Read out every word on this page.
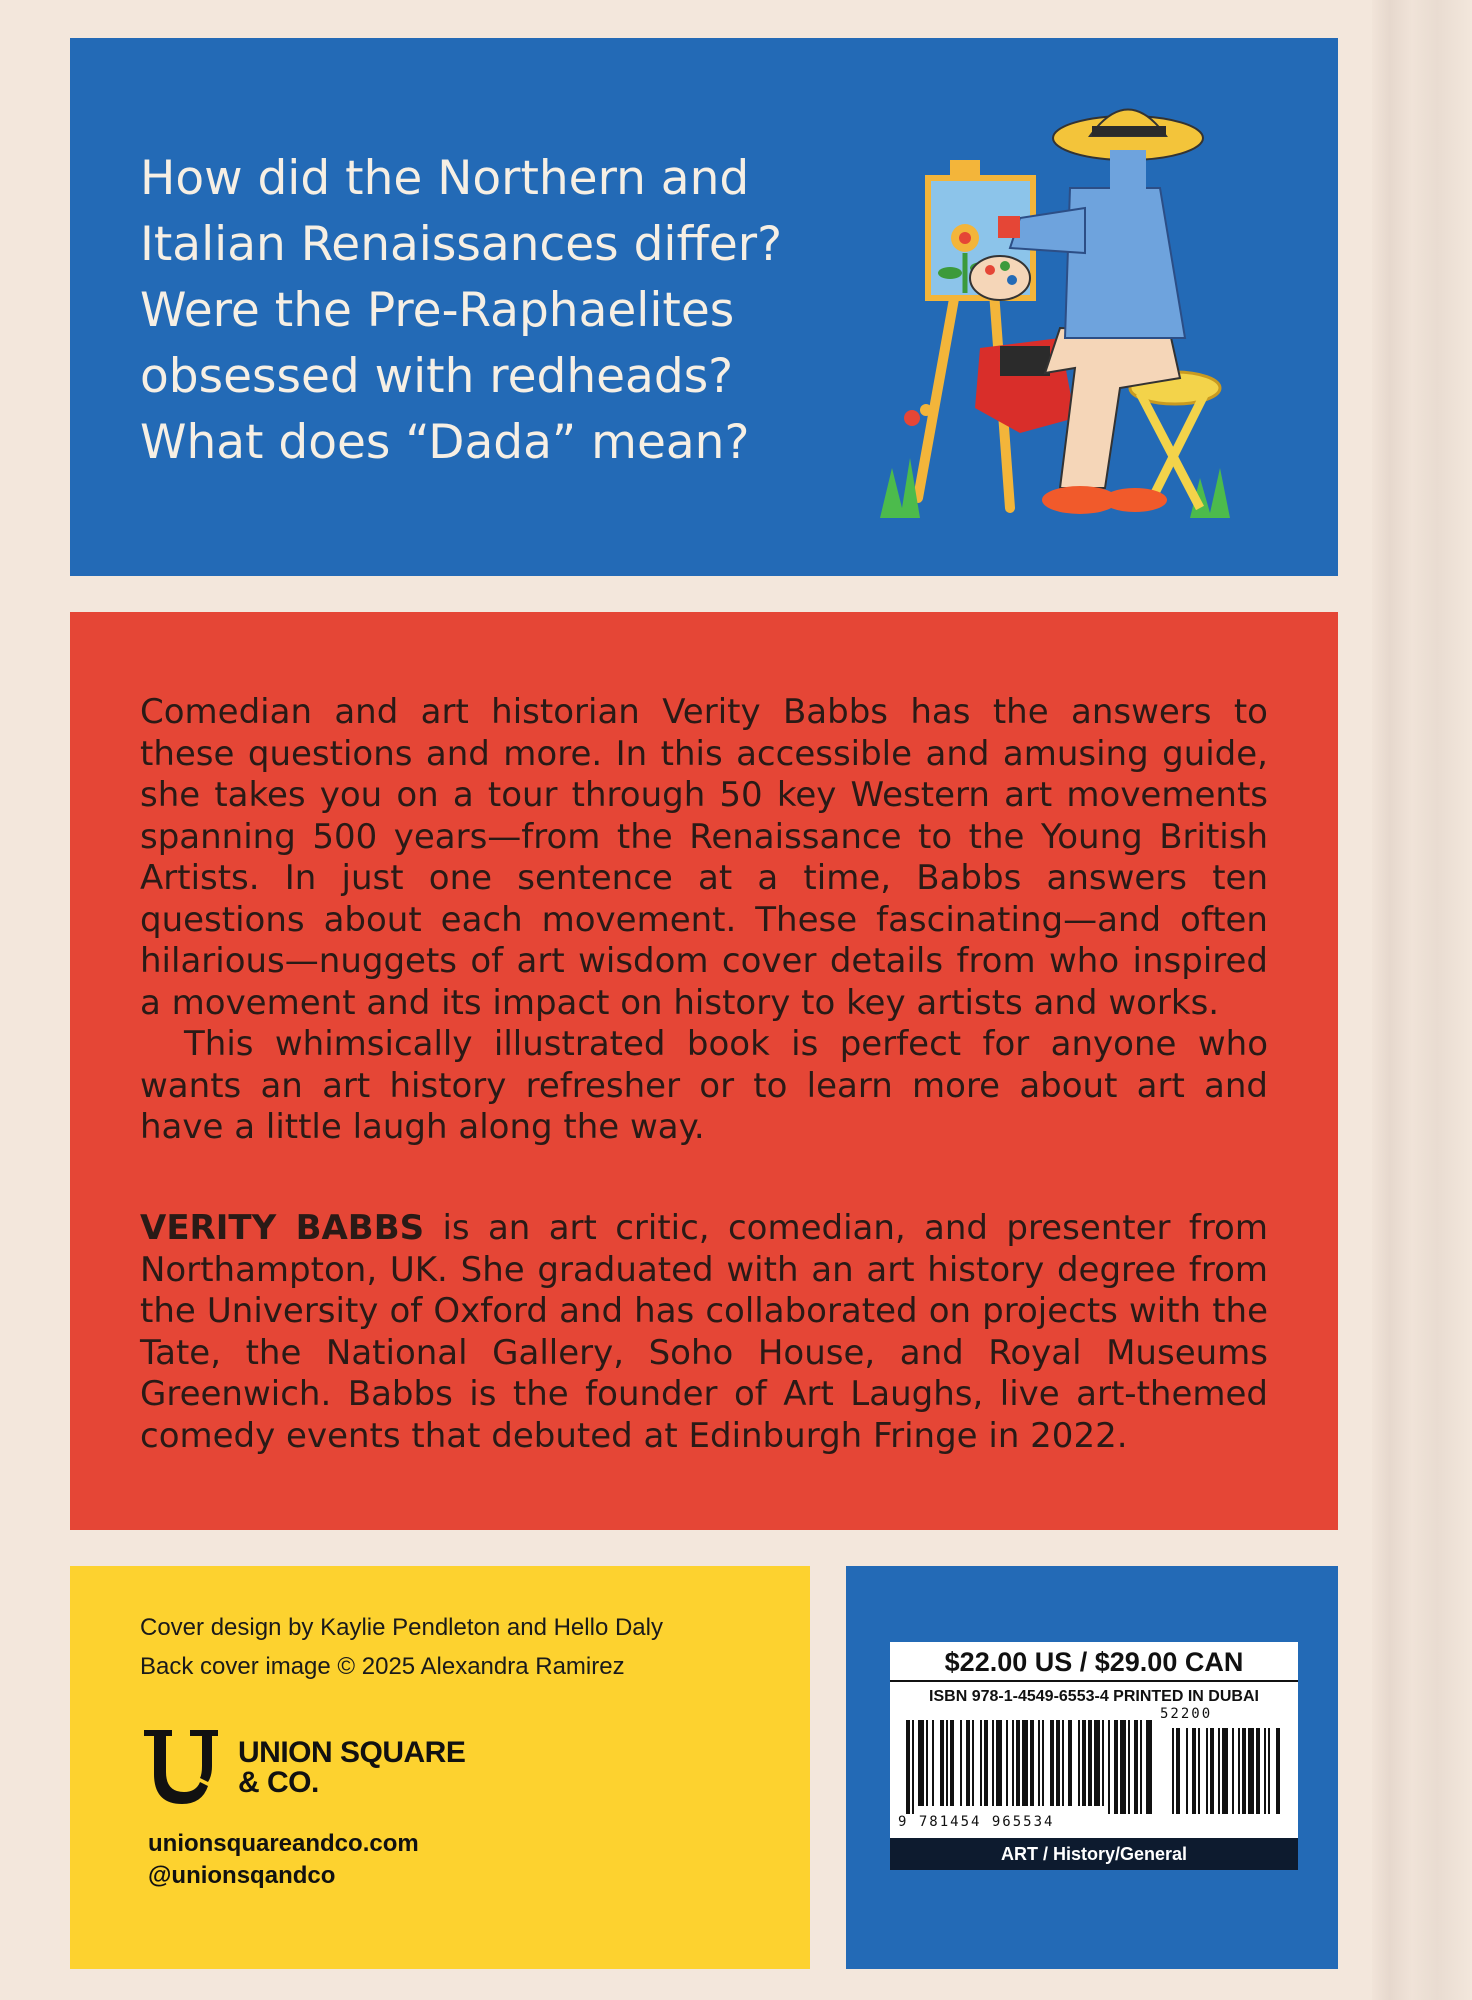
How did the Northern and
Italian Renaissances differ?
Were the Pre-Raphaelites
obsessed with redheads?
What does “Dada” mean?

Comedian and art historian Verity Babbs has the answers to these questions and more. In this accessible and amusing guide, she takes you on a tour through 50 key Western art movements spanning 500 years—from the Renaissance to the Young British Artists. In just one sentence at a time, Babbs answers ten questions about each movement. These fascinating—and often hilarious—nuggets of art wisdom cover details from who inspired a movement and its impact on history to key artists and works.

This whimsically illustrated book is perfect for anyone who wants an art history refresher or to learn more about art and have a little laugh along the way.

VERITY BABBS is an art critic, comedian, and presenter from Northampton, UK. She graduated with an art history degree from the University of Oxford and has collaborated on projects with the Tate, the National Gallery, Soho House, and Royal Museums Greenwich. Babbs is the founder of Art Laughs, live art-themed comedy events that debuted at Edinburgh Fringe in 2022.

Cover design by Kaylie Pendleton and Hello Daly
Back cover image © 2025 Alexandra Ramirez

UNION SQUARE
& CO.
unionsquareandco.com
@unionsqandco
$22.00 US / $29.00 CAN
ISBN 978-1-4549-6553-4 PRINTED IN DUBAI
52200
9 781454 965534
ART / History/General
